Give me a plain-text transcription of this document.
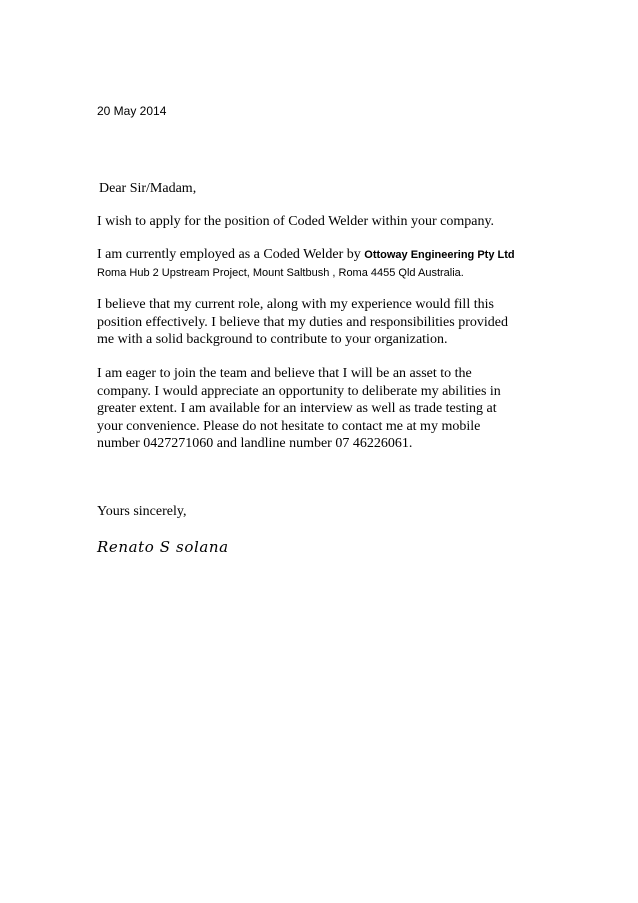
20 May 2014
Dear Sir/Madam,
I wish to apply for the position of Coded Welder within your company.
I am currently employed as a Coded Welder by Ottoway Engineering Pty Ltd
Roma Hub 2 Upstream Project, Mount Saltbush , Roma 4455 Qld Australia.
I believe that my current role, along with my experience would fill this
position effectively. I believe that my duties and responsibilities provided
me with a solid background to contribute to your organization.
I am eager to join the team and believe that I will be an asset to the
company. I would appreciate an opportunity to deliberate my abilities in
greater extent. I am available for an interview as well as trade testing at
your convenience. Please do not hesitate to contact me at my mobile
number 0427271060 and landline number 07 46226061.
Yours sincerely,
Renato S solana
